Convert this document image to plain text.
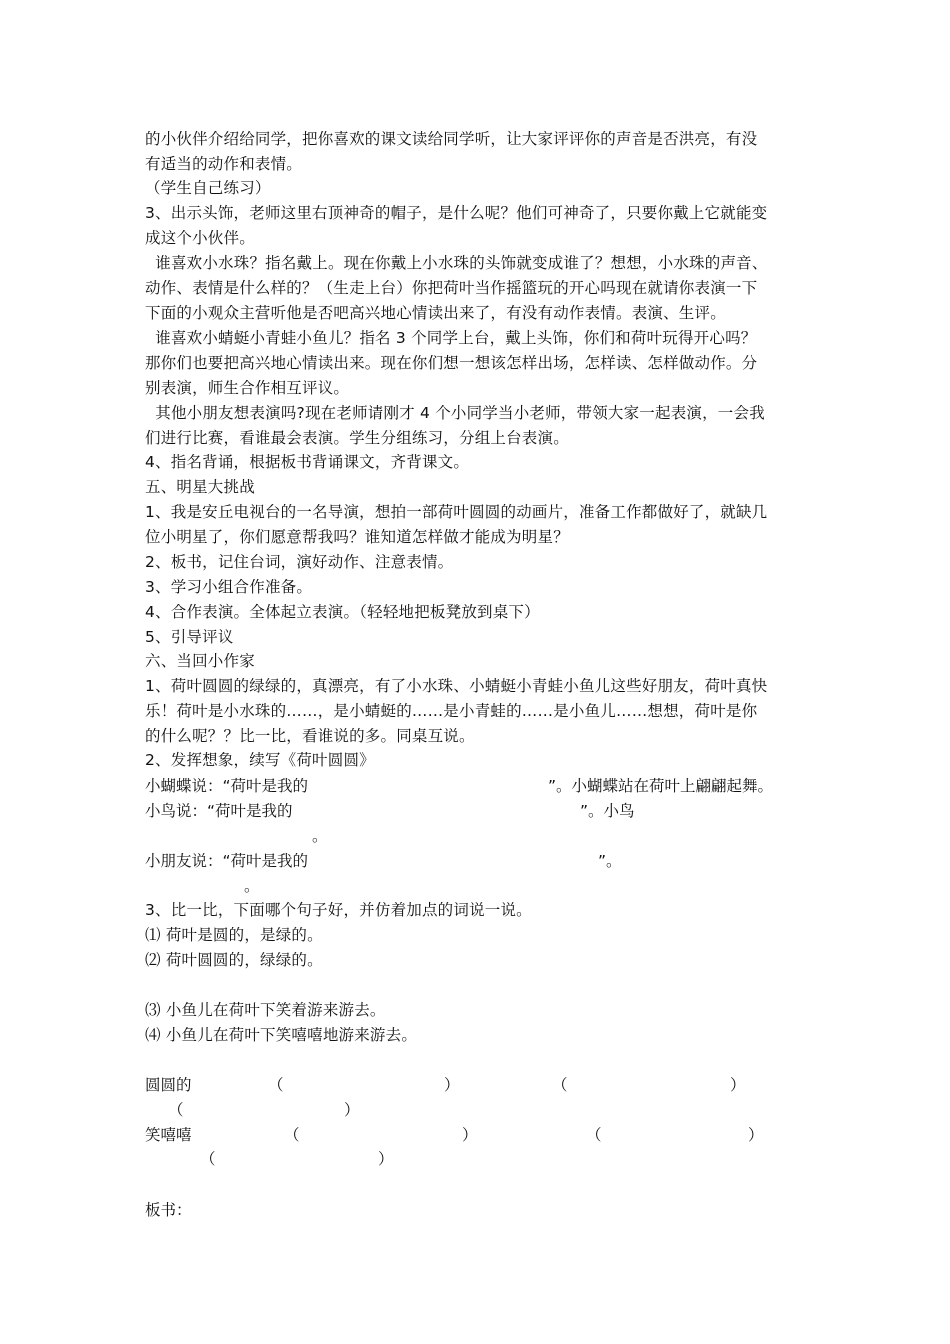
的小伙伴介绍给同学，把你喜欢的课文读给同学听，让大家评评你的声音是否洪亮，有没
有适当的动作和表情。
（学生自己练习）
3、出示头饰，老师这里右顶神奇的帽子，是什么呢？他们可神奇了，只要你戴上它就能变
成这个小伙伴。
谁喜欢小水珠？指名戴上。现在你戴上小水珠的头饰就变成谁了？想想，小水珠的声音、
动作、表情是什么样的？（生走上台）你把荷叶当作摇篮玩的开心吗现在就请你表演一下
下面的小观众主营听他是否吧高兴地心情读出来了，有没有动作表情。表演、生评。
谁喜欢小蜻蜓小青蛙小鱼儿？指名 3 个同学上台，戴上头饰，你们和荷叶玩得开心吗？
那你们也要把高兴地心情读出来。现在你们想一想该怎样出场，怎样读、怎样做动作。分
别表演，师生合作相互评议。
其他小朋友想表演吗?现在老师请刚才 4 个小同学当小老师，带领大家一起表演，一会我
们进行比赛，看谁最会表演。学生分组练习，分组上台表演。
4、指名背诵，根据板书背诵课文，齐背课文。
五、明星大挑战
1、我是安丘电视台的一名导演，想拍一部荷叶圆圆的动画片，准备工作都做好了，就缺几
位小明星了，你们愿意帮我吗？谁知道怎样做才能成为明星？
2、板书，记住台词，演好动作、注意表情。
3、学习小组合作准备。
4、合作表演。全体起立表演。（轻轻地把板凳放到桌下）
5、引导评议
六、当回小作家
1、荷叶圆圆的绿绿的，真漂亮，有了小水珠、小蜻蜓小青蛙小鱼儿这些好朋友，荷叶真快
乐！荷叶是小水珠的……，是小蜻蜓的……是小青蛙的……是小鱼儿……想想，荷叶是你
的什么呢？？比一比，看谁说的多。同桌互说。
2、发挥想象，续写《荷叶圆圆》
小蝴蝶说：“荷叶是我的	”。小蝴蝶站在荷叶上翩翩起舞。
小鸟说：“荷叶是我的	”。小鸟
。
小朋友说：“荷叶是我的	”。
。
3、比一比，下面哪个句子好，并仿着加点的词说一说。
⑴ 荷叶是圆的，是绿的。
⑵ 荷叶圆圆的，绿绿的。
⑶ 小鱼儿在荷叶下笑着游来游去。
⑷ 小鱼儿在荷叶下笑嘻嘻地游来游去。
圆圆的	（	）	（	）
（	）
笑嘻嘻	（	）	（	）
（	）
板书：
